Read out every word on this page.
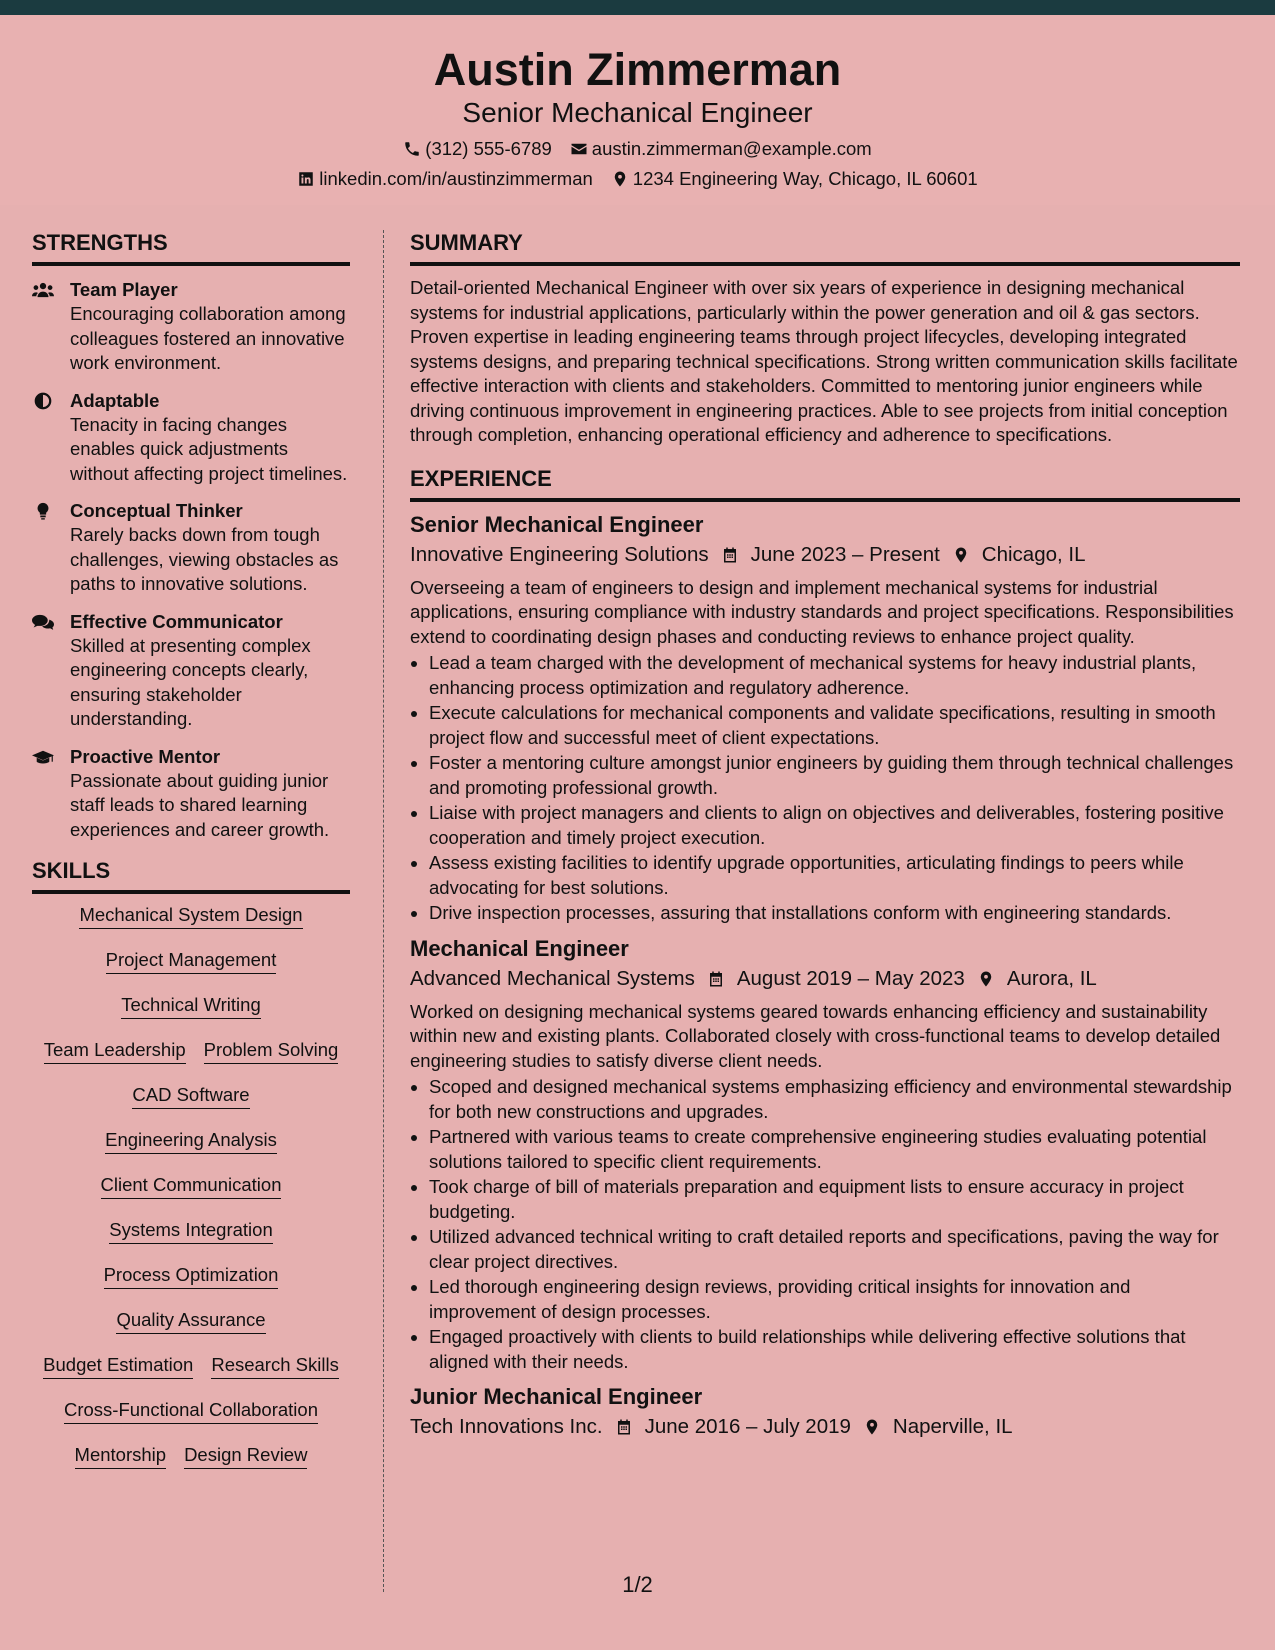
Austin Zimmerman
Senior Mechanical Engineer
(312) 555-6789 austin.zimmerman@example.com
linkedin.com/in/austinzimmerman 1234 Engineering Way, Chicago, IL 60601
STRENGTHS
Team Player
Encouraging collaboration among colleagues fostered an innovative work environment.
Adaptable
Tenacity in facing changes enables quick adjustments without affecting project timelines.
Conceptual Thinker
Rarely backs down from tough challenges, viewing obstacles as paths to innovative solutions.
Effective Communicator
Skilled at presenting complex engineering concepts clearly, ensuring stakeholder understanding.
Proactive Mentor
Passionate about guiding junior staff leads to shared learning experiences and career growth.
SKILLS
Mechanical System Design
Project Management
Technical Writing
Team Leadership Problem Solving
CAD Software
Engineering Analysis
Client Communication
Systems Integration
Process Optimization
Quality Assurance
Budget Estimation Research Skills
Cross-Functional Collaboration
Mentorship Design Review
SUMMARY
Detail-oriented Mechanical Engineer with over six years of experience in designing mechanical systems for industrial applications, particularly within the power generation and oil & gas sectors. Proven expertise in leading engineering teams through project lifecycles, developing integrated systems designs, and preparing technical specifications. Strong written communication skills facilitate effective interaction with clients and stakeholders. Committed to mentoring junior engineers while driving continuous improvement in engineering practices. Able to see projects from initial conception through completion, enhancing operational efficiency and adherence to specifications.
EXPERIENCE
Senior Mechanical Engineer
Innovative Engineering Solutions June 2023 – Present Chicago, IL
Overseeing a team of engineers to design and implement mechanical systems for industrial applications, ensuring compliance with industry standards and project specifications. Responsibilities extend to coordinating design phases and conducting reviews to enhance project quality.
• Lead a team charged with the development of mechanical systems for heavy industrial plants, enhancing process optimization and regulatory adherence.
• Execute calculations for mechanical components and validate specifications, resulting in smooth project flow and successful meet of client expectations.
• Foster a mentoring culture amongst junior engineers by guiding them through technical challenges and promoting professional growth.
• Liaise with project managers and clients to align on objectives and deliverables, fostering positive cooperation and timely project execution.
• Assess existing facilities to identify upgrade opportunities, articulating findings to peers while advocating for best solutions.
• Drive inspection processes, assuring that installations conform with engineering standards.
Mechanical Engineer
Advanced Mechanical Systems August 2019 – May 2023 Aurora, IL
Worked on designing mechanical systems geared towards enhancing efficiency and sustainability within new and existing plants. Collaborated closely with cross-functional teams to develop detailed engineering studies to satisfy diverse client needs.
• Scoped and designed mechanical systems emphasizing efficiency and environmental stewardship for both new constructions and upgrades.
• Partnered with various teams to create comprehensive engineering studies evaluating potential solutions tailored to specific client requirements.
• Took charge of bill of materials preparation and equipment lists to ensure accuracy in project budgeting.
• Utilized advanced technical writing to craft detailed reports and specifications, paving the way for clear project directives.
• Led thorough engineering design reviews, providing critical insights for innovation and improvement of design processes.
• Engaged proactively with clients to build relationships while delivering effective solutions that aligned with their needs.
Junior Mechanical Engineer
Tech Innovations Inc. June 2016 – July 2019 Naperville, IL
1/2
